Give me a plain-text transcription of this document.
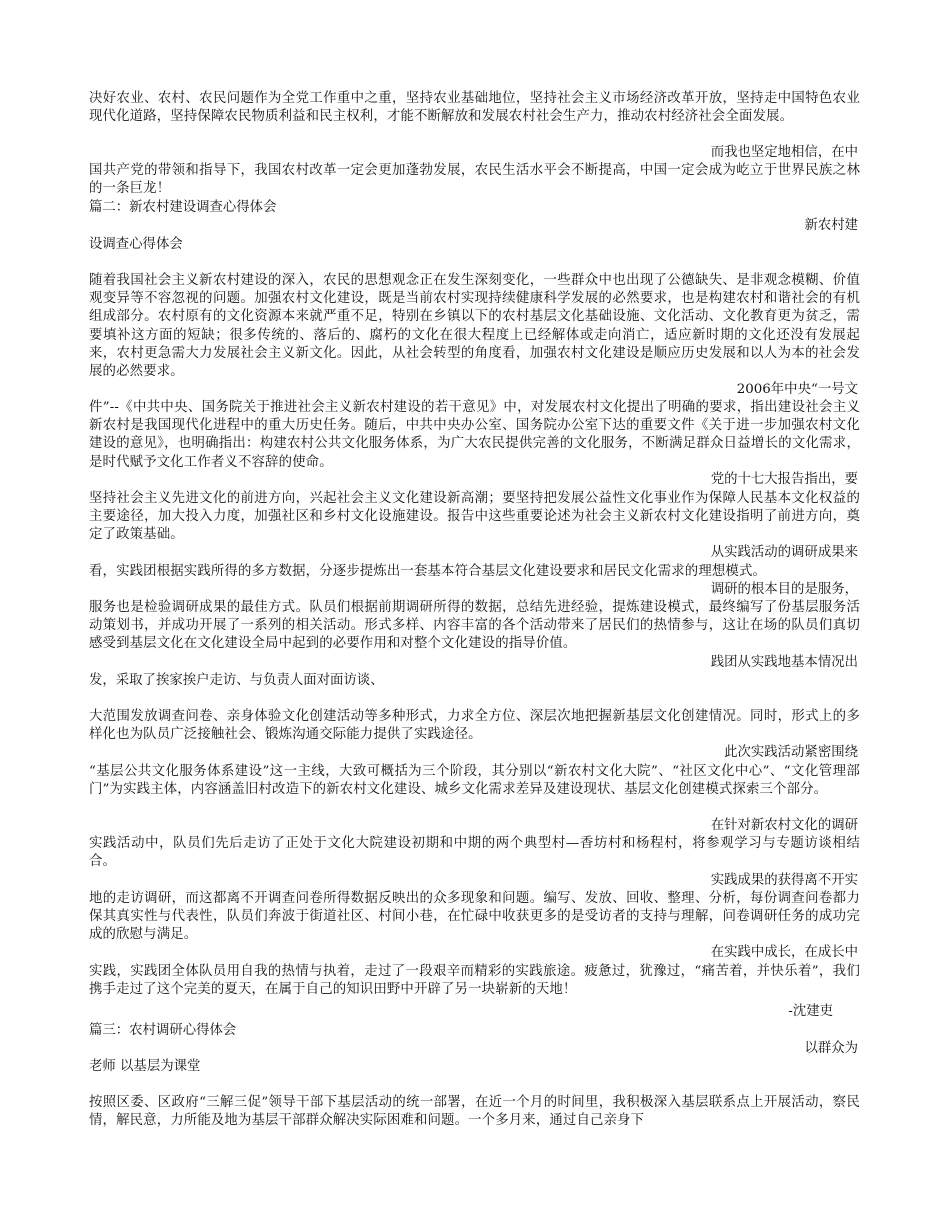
决好农业、农村、农民问题作为全党工作重中之重，坚持农业基础地位，坚持社会主义市场经济改革开放，坚持走中国特色农业现代化道路，坚持保障农民物质利益和民主权利，才能不断解放和发展农村社会生产力，推动农村经济社会全面发展。

而我也坚定地相信，在中

国共产党的带领和指导下，我国农村改革一定会更加蓬勃发展，农民生活水平会不断提高，中国一定会成为屹立于世界民族之林的一条巨龙！

篇二：新农村建设调查心得体会

新农村建

设调查心得体会

随着我国社会主义新农村建设的深入，农民的思想观念正在发生深刻变化，一些群众中也出现了公德缺失、是非观念模糊、价值观变异等不容忽视的问题。加强农村文化建设，既是当前农村实现持续健康科学发展的必然要求，也是构建农村和谐社会的有机组成部分。农村原有的文化资源本来就严重不足，特别在乡镇以下的农村基层文化基础设施、文化活动、文化教育更为贫乏，需要填补这方面的短缺；很多传统的、落后的、腐朽的文化在很大程度上已经解体或走向消亡，适应新时期的文化还没有发展起来，农村更急需大力发展社会主义新文化。因此，从社会转型的角度看，加强农村文化建设是顺应历史发展和以人为本的社会发展的必然要求。

2006年中央“一号文

件”--《中共中央、国务院关于推进社会主义新农村建设的若干意见》中，对发展农村文化提出了明确的要求，指出建设社会主义新农村是我国现代化进程中的重大历史任务。随后，中共中央办公室、国务院办公室下达的重要文件《关于进一步加强农村文化建设的意见》，也明确指出：构建农村公共文化服务体系，为广大农民提供完善的文化服务，不断满足群众日益增长的文化需求，是时代赋予文化工作者义不容辞的使命。

党的十七大报告指出，要

坚持社会主义先进文化的前进方向，兴起社会主义文化建设新高潮；要坚持把发展公益性文化事业作为保障人民基本文化权益的主要途径，加大投入力度，加强社区和乡村文化设施建设。报告中这些重要论述为社会主义新农村文化建设指明了前进方向，奠定了政策基础。

从实践活动的调研成果来

看，实践团根据实践所得的多方数据，分逐步提炼出一套基本符合基层文化建设要求和居民文化需求的理想模式。

调研的根本目的是服务，

服务也是检验调研成果的最佳方式。队员们根据前期调研所得的数据，总结先进经验，提炼建设模式，最终编写了份基层服务活动策划书，并成功开展了一系列的相关活动。形式多样、内容丰富的各个活动带来了居民们的热情参与，这让在场的队员们真切感受到基层文化在文化建设全局中起到的必要作用和对整个文化建设的指导价值。

践团从实践地基本情况出

发，采取了挨家挨户走访、与负责人面对面访谈、

大范围发放调查问卷、亲身体验文化创建活动等多种形式，力求全方位、深层次地把握新基层文化创建情况。同时，形式上的多样化也为队员广泛接触社会、锻炼沟通交际能力提供了实践途径。

此次实践活动紧密围绕

“基层公共文化服务体系建设”这一主线，大致可概括为三个阶段，其分别以“新农村文化大院”、“社区文化中心”、“文化管理部门”为实践主体，内容涵盖旧村改造下的新农村文化建设、城乡文化需求差异及建设现状、基层文化创建模式探索三个部分。

在针对新农村文化的调研

实践活动中，队员们先后走访了正处于文化大院建设初期和中期的两个典型村—香坊村和杨程村，将参观学习与专题访谈相结合。

实践成果的获得离不开实

地的走访调研，而这都离不开调查问卷所得数据反映出的众多现象和问题。编写、发放、回收、整理、分析，每份调查问卷都力保其真实性与代表性，队员们奔波于街道社区、村间小巷，在忙碌中收获更多的是受访者的支持与理解，问卷调研任务的成功完成的欣慰与满足。

在实践中成长，在成长中

实践，实践团全体队员用自我的热情与执着，走过了一段艰辛而精彩的实践旅途。疲惫过，犹豫过，“痛苦着，并快乐着”，我们携手走过了这个完美的夏天，在属于自己的知识田野中开辟了另一块崭新的天地！

-沈建吏

篇三：农村调研心得体会

以群众为

老师 以基层为课堂

按照区委、区政府“三解三促”领导干部下基层活动的统一部署，在近一个月的时间里，我积极深入基层联系点上开展活动，察民情，解民意，力所能及地为基层干部群众解决实际困难和问题。一个多月来，通过自己亲身下
